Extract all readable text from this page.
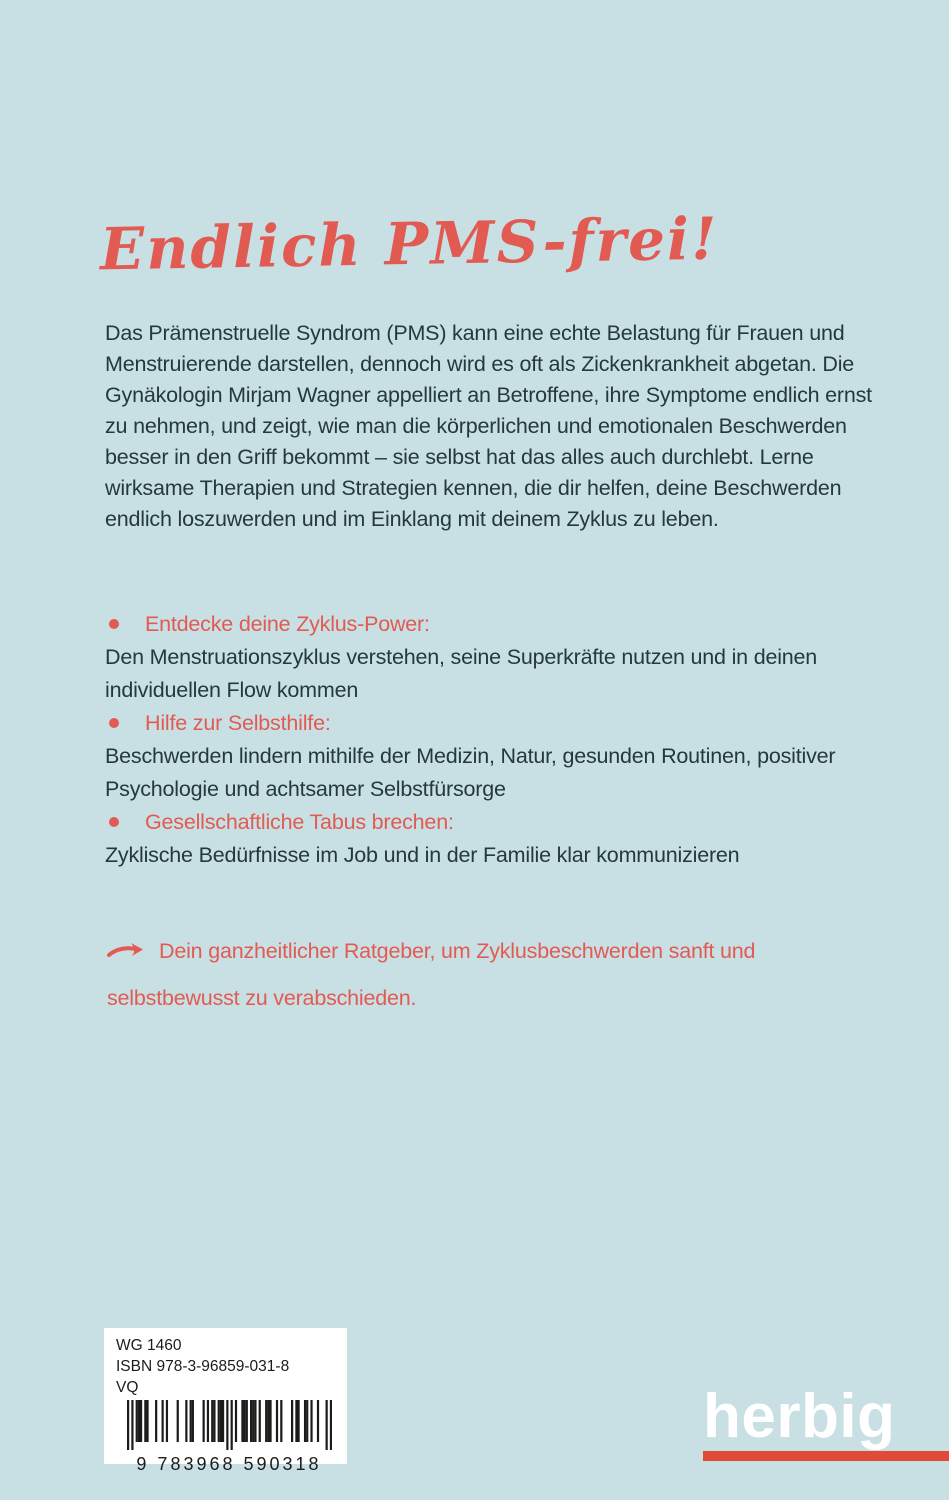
Endlich PMS-frei!

Das Prämenstruelle Syndrom (PMS) kann eine echte Belastung für Frauen und Menstruierende darstellen, dennoch wird es oft als Zickenkrankheit abgetan. Die Gynäkologin Mirjam Wagner appelliert an Betroffene, ihre Symptome endlich ernst zu nehmen, und zeigt, wie man die körperlichen und emotionalen Beschwerden besser in den Griff bekommt – sie selbst hat das alles auch durchlebt. Lerne wirksame Therapien und Strategien kennen, die dir helfen, deine Beschwerden endlich loszuwerden und im Einklang mit deinem Zyklus zu leben.

Entdecke deine Zyklus-Power:
Den Menstruationszyklus verstehen, seine Superkräfte nutzen und in deinen individuellen Flow kommen
Hilfe zur Selbsthilfe:
Beschwerden lindern mithilfe der Medizin, Natur, gesunden Routinen, positiver Psychologie und achtsamer Selbstfürsorge
Gesellschaftliche Tabus brechen:
Zyklische Bedürfnisse im Job und in der Familie klar kommunizieren
Dein ganzheitlicher Ratgeber, um Zyklusbeschwerden sanft und selbstbewusst zu verabschieden.
WG 1460
ISBN 978-3-96859-031-8
VQ
9 783968 590318
herbig
